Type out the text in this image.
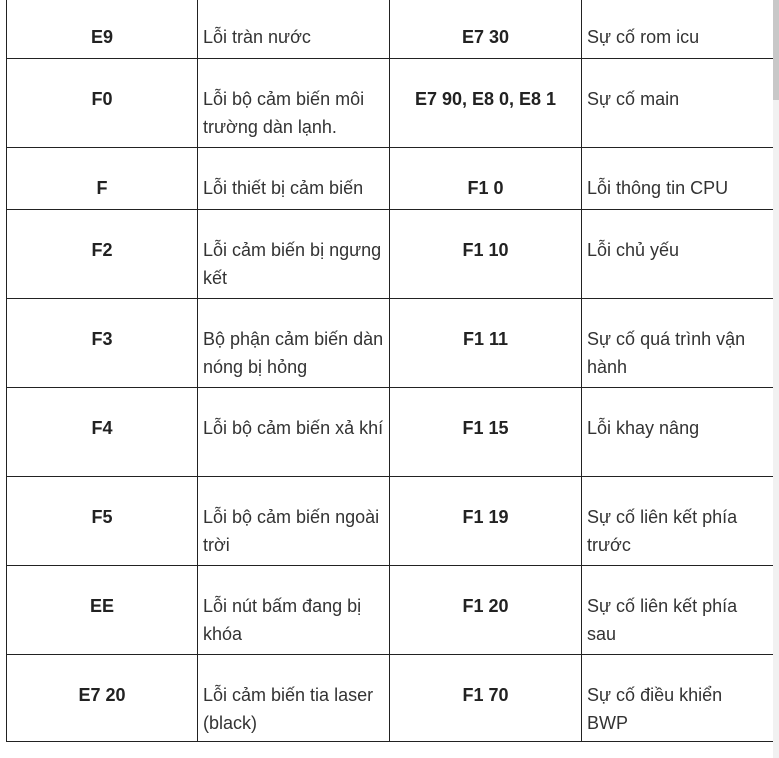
E9	Lỗi tràn nước	E7 30	Sự cố rom icu

F0	Lỗi bộ cảm biến môi trường dàn lạnh.	E7 90, E8 0, E8 1	Sự cố main

F	Lỗi thiết bị cảm biến	F1 0	Lỗi thông tin CPU

F2	Lỗi cảm biến bị ngưng kết	F1 10	Lỗi chủ yếu

F3	Bộ phận cảm biến dàn nóng bị hỏng	F1 11	Sự cố quá trình vận hành

F4	Lỗi bộ cảm biến xả khí	F1 15	Lỗi khay nâng

F5	Lỗi bộ cảm biến ngoài trời	F1 19	Sự cố liên kết phía trước

EE	Lỗi nút bấm đang bị khóa	F1 20	Sự cố liên kết phía sau

E7 20	Lỗi cảm biến tia laser (black)	F1 70	Sự cố điều khiển BWP
